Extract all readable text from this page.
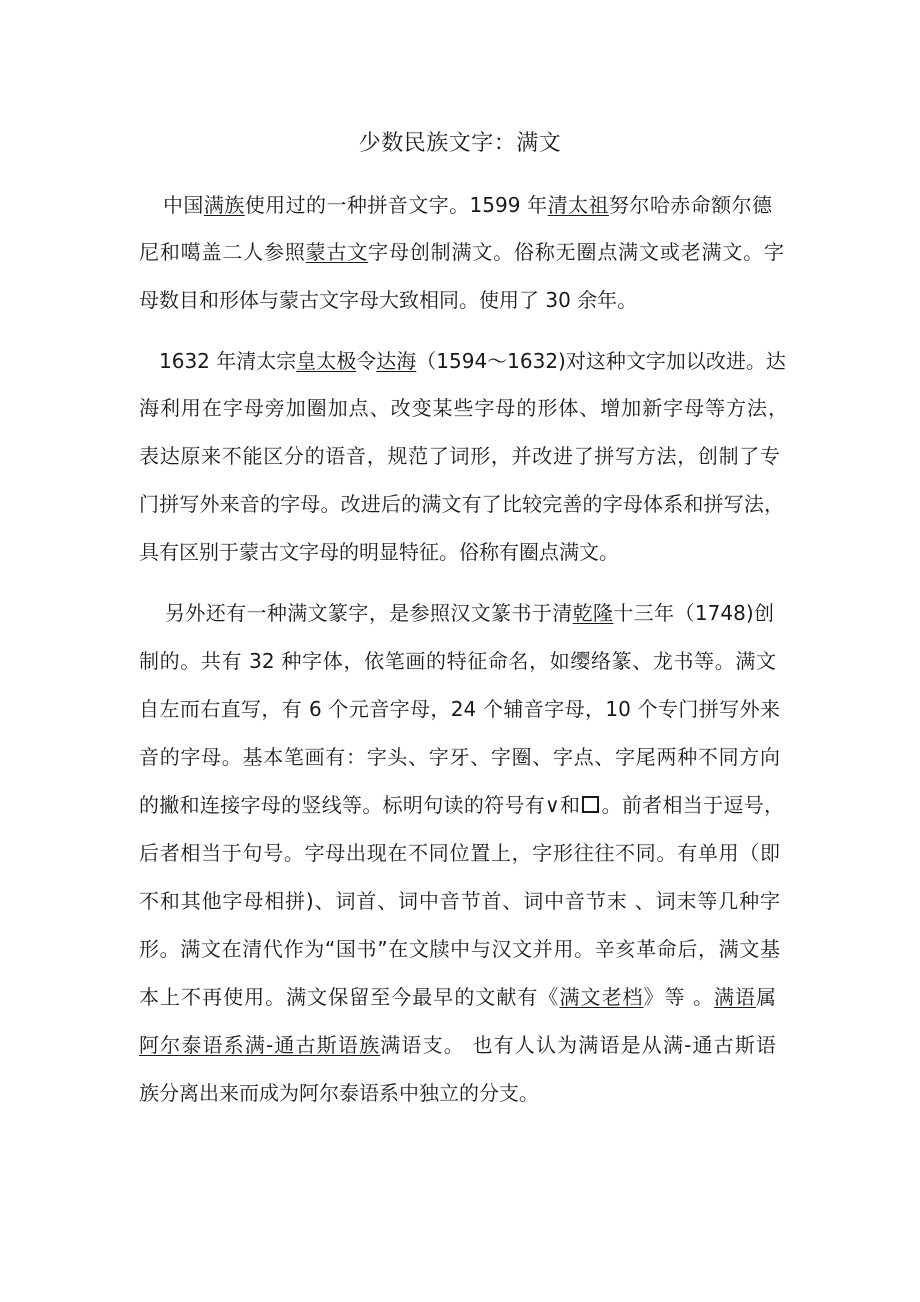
少数民族文字：满文
中国满族使用过的一种拼音文字。1599 年清太祖努尔哈赤命额尔德
尼和噶盖二人参照蒙古文字母创制满文。俗称无圈点满文或老满文。字
母数目和形体与蒙古文字母大致相同。使用了 30 余年。
1632 年清太宗皇太极令达海（1594～1632)对这种文字加以改进。达
海利用在字母旁加圈加点、改变某些字母的形体、增加新字母等方法，
表达原来不能区分的语音，规范了词形，并改进了拼写方法，创制了专
门拼写外来音的字母。改进后的满文有了比较完善的字母体系和拼写法，
具有区别于蒙古文字母的明显特征。俗称有圈点满文。
另外还有一种满文篆字，是参照汉文篆书于清乾隆十三年（1748)创
制的。共有 32 种字体，依笔画的特征命名，如缨络篆、龙书等。满文
自左而右直写，有 6 个元音字母，24 个辅音字母，10 个专门拼写外来
音的字母。基本笔画有：字头、字牙、字圈、字点、字尾两种不同方向
的撇和连接字母的竖线等。标明句读的符号有∨和 。前者相当于逗号，
后者相当于句号。字母出现在不同位置上，字形往往不同。有单用（即
不和其他字母相拼)、词首、词中音节首、词中音节末 、词末等几种字
形。满文在清代作为“国书”在文牍中与汉文并用。辛亥革命后，满文基
本上不再使用。满文保留至今最早的文献有《满文老档》等 。满语属
阿尔泰语系满-通古斯语族满语支。 也有人认为满语是从满-通古斯语
族分离出来而成为阿尔泰语系中独立的分支。
